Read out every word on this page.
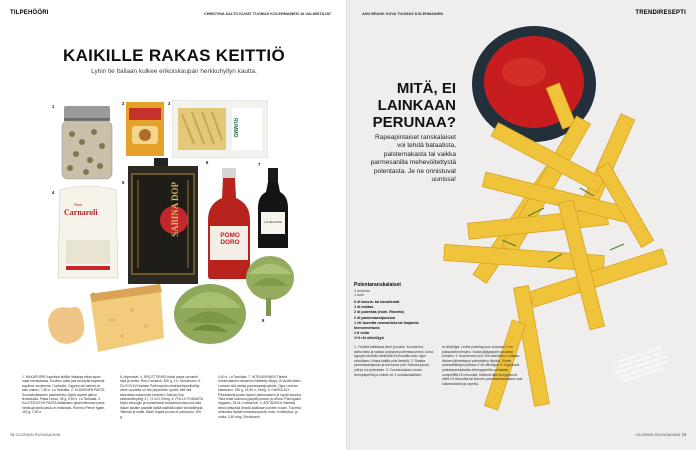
TILPEHÖÖRI	CHRISTINA AALTO KUVAT TUOMAS KOLEHMAINEN JA VALMISTAJAT
KAIKILLE RAKAS KEITTIÖ
Lyhin tie Italiaan kulkee erikoiskaupan herkkuhyllyn kautta.
1
2	3
4
5
6	7
9
RUMMO
Riso
Carnaroli	SABINA DOP	POMO DORO
LA VECCHIA
1. MAKAPURRI Kapriksai aiiiiiiiin Italiassa eiksa sipan uiaat mertaulassa. Huolloto autta joia tai käyttä kapriksat sopaluor suosimina. Contadini, Capperi del salento al sale marino, 7,80 e. La Tartufata. 2. KLASSINEN PASTA Suurkahvilaisinen pastaherkku Spirta asperti jatkuu teraoskulla. Pasta Lecca, 35 g, 5,50 e. La Tartufata. 3. GLUTEENITON PASTA Italialaisen gluteenittoman pasta herkkuja tämä pasta on maitotalis. Rummo Penne rigate, 400 g, 2,90 e.
K-citymarket. 4. RISOTTORIISI Hanki paras carnaroli risiä ja oriisia. Riso Carnaroli, 500 g, 4 e, Stockmann. 5. ÖLJYOLIIVI Italiaan Parfumiyhän ekstraneitsytoliiviöljy viime vuodelta on niin piipunivien hyvää, että sitä kannattaa ostaa koko kanisteri. Sabina Dop ekstraneitsytöljy 3 l, 72 e/1l. Eiring. 6. POLLO PUMASTA Myös sesongin ja maisteltavat tomaatit puolaa ulos tätä. Italian kastike pastalle pätää sisältää kaikki tomaattihipiä. Takessit ja mallit, Alkan Sapaa pronto di pomodoro, 300 g,
4,40 e. La Tartufata. 7. INTENSIIVINEN Tärkeä modenalainen balsamico talletetty täytyy 15 vuotta sitten. Lomaan sitä vaikka parmesaanijuustolle. Dipa Lorenzo balsamico, 250 g, 24,50 e, Eiring. 8. HARKA ÄLY Pikkalakuitti juusto lapsen parmesaanin ja hypyti kasvoja. Tilaa tuhat kosima kypsyttä juuston ja neitoa. Parmigiano reggiano, 35 kk, Kotikerhoti. 9. ARTISOKKA Valmista tietoa artisokka kestää kaikkiaan koneen toukin. Tuoreita artisokkia löytää herkkukaupoista, esim. Kotikeskus. ja multa, 2,60 e/kg. Stockmann.
72 GLORIAN RUOKA&VIINI
ANU BRASK KUVA TUOMAS KOLEHMAINEN	TRENDIRESEPTI
MITÄ, EI
LAINKAAN
PERUNAA?
Rapeapintaiset ranskalaiset voi tehdä bataatista, palsternakasta tai vaikka parmesanilla mehevöitettystä polentasta. Je ne onnistuvat uunissa!
Polentaranskalaiset
4 annosta
1 tunti
6 dl kasvis- tai kanaliemtä
1 dl maitoa
2 dl polentaa (esim. Risenta)
2 dl parmesaanijuustoa
1 rkl tuoretta rosmariinia tai timjamia hienonnettuna
1 tl voita
1+2 rkl oliiviöljyä
1. Yhdistä kattilassa liemi ja maito. Kuumenna kiehuvaksi ja valkaa juokseva polentasuurimoi. Anna kypsyä miedolla lämmöllä 5 minuuttia koko ajan sekoittaen. Nosta kattila pois liedeltä. 2. Raasta parmesaanijuusto ja hienonna yrtit. Sekoita juusto, yrtit ja voi polentaan. 3. Vuoraa laakea vuoka leivinpaperilla ja voitele se 1 ruokalusikallisel-
la oliiviöljyä. Levitä polentapuuro vuokaan 2 cm paksuiseksi levyksi. Nosta jääkaappiin puoleksi tunniksi. 4. Kuumenna uuni 225-asteiseksi. Leikkaa tiivinen jähmettynyt polentalevy tikuiksi. Sivele polentatikkujen pintaan 2 rkl oliiviöljyä. 5. Kypsennä polentaranskalaisia leivinpaperilla vuoratulla uunipellillä 15 minuuttia. Käännä tikut ja kypsennä vielä 10 minuuttia tai kunnes polentaranskalaiset ovat kullanruskeita ja rapeita.
Parmesaanin ja pikantti tomaatti polenta sopii pitkässä salaattiin kanssa, valkoviinirapuna, kaikkia tyytyväisiä vaalealla.
GLORIAN RUOKA&VIINI 73
